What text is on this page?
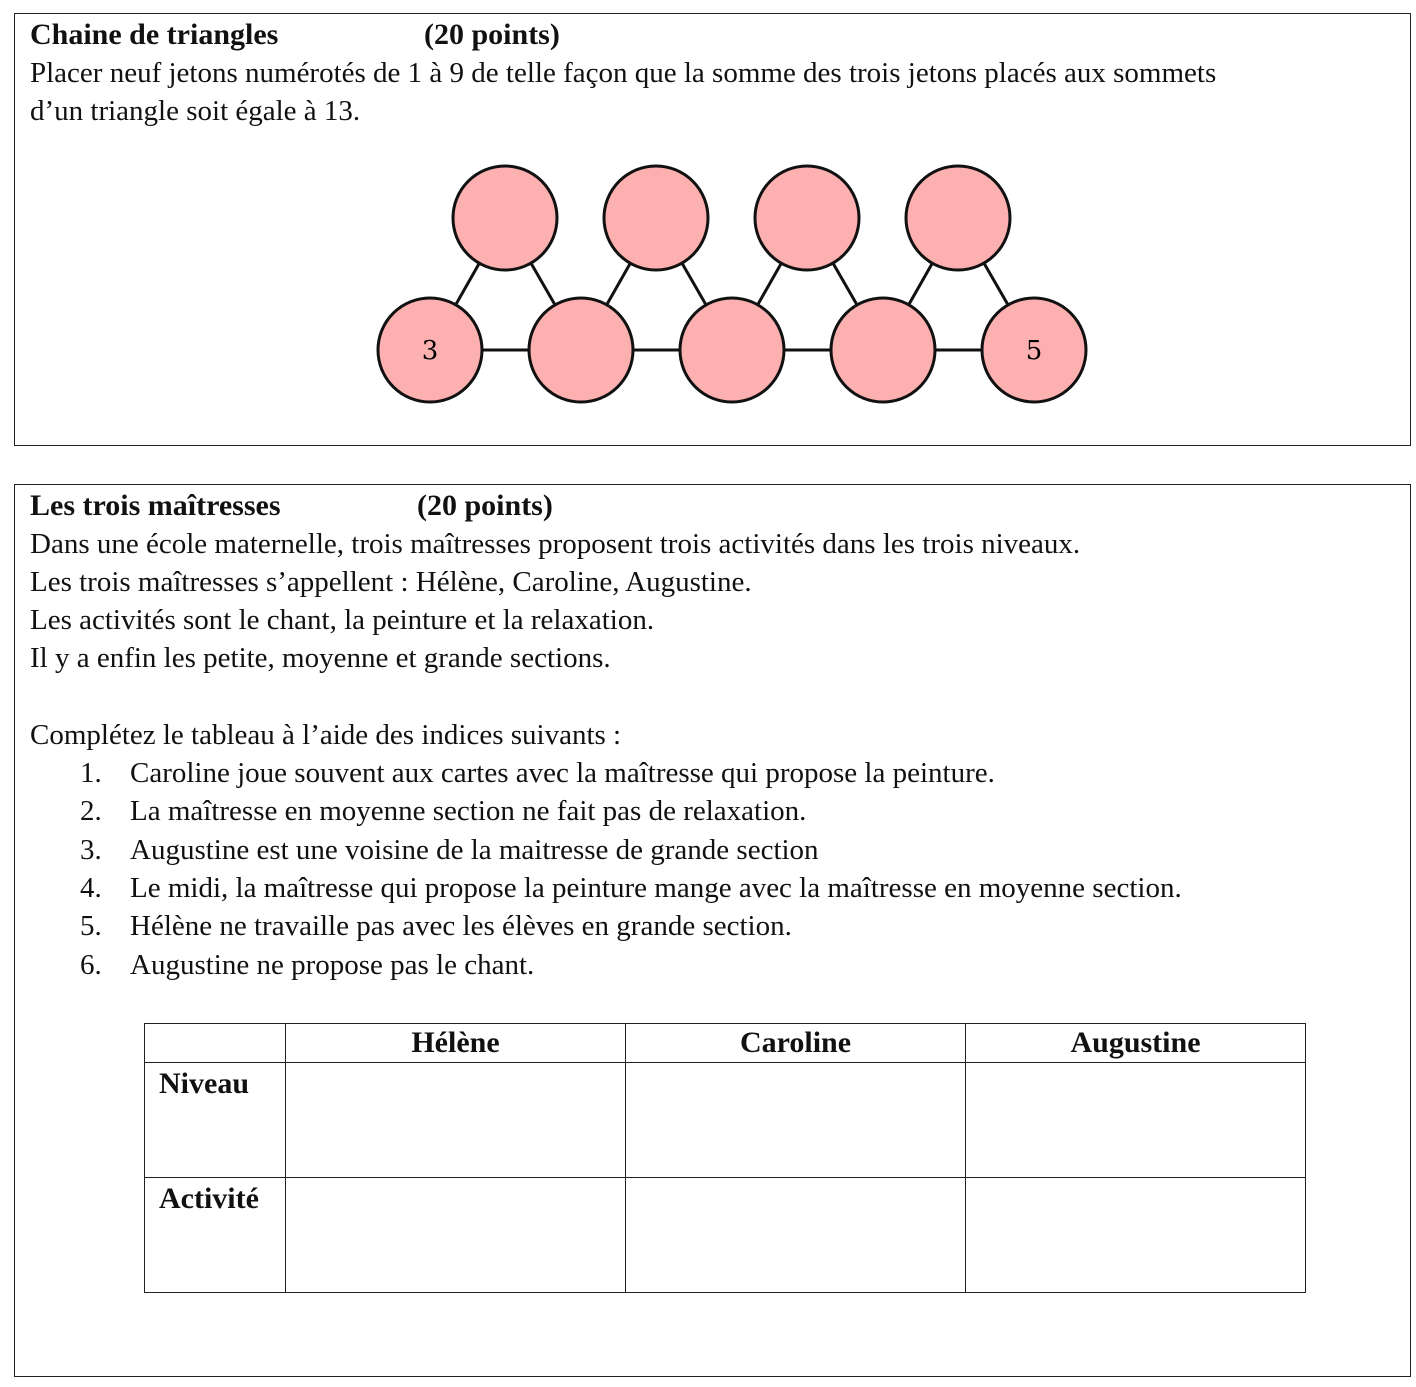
Chaine de triangles	(20 points)
Placer neuf jetons numérotés de 1 à 9 de telle façon que la somme des trois jetons placés aux sommets
d’un triangle soit égale à 13.
3	5
Les trois maîtresses	(20 points)
Dans une école maternelle, trois maîtresses proposent trois activités dans les trois niveaux.
Les trois maîtresses s’appellent : Hélène, Caroline, Augustine.
Les activités sont le chant, la peinture et la relaxation.
Il y a enfin les petite, moyenne et grande sections.
Complétez le tableau à l’aide des indices suivants :
1. Caroline joue souvent aux cartes avec la maîtresse qui propose la peinture.
2. La maîtresse en moyenne section ne fait pas de relaxation.
3. Augustine est une voisine de la maitresse de grande section
4. Le midi, la maîtresse qui propose la peinture mange avec la maîtresse en moyenne section.
5. Hélène ne travaille pas avec les élèves en grande section.
6. Augustine ne propose pas le chant.
	Hélène	Caroline	Augustine
Niveau			
Activité			
